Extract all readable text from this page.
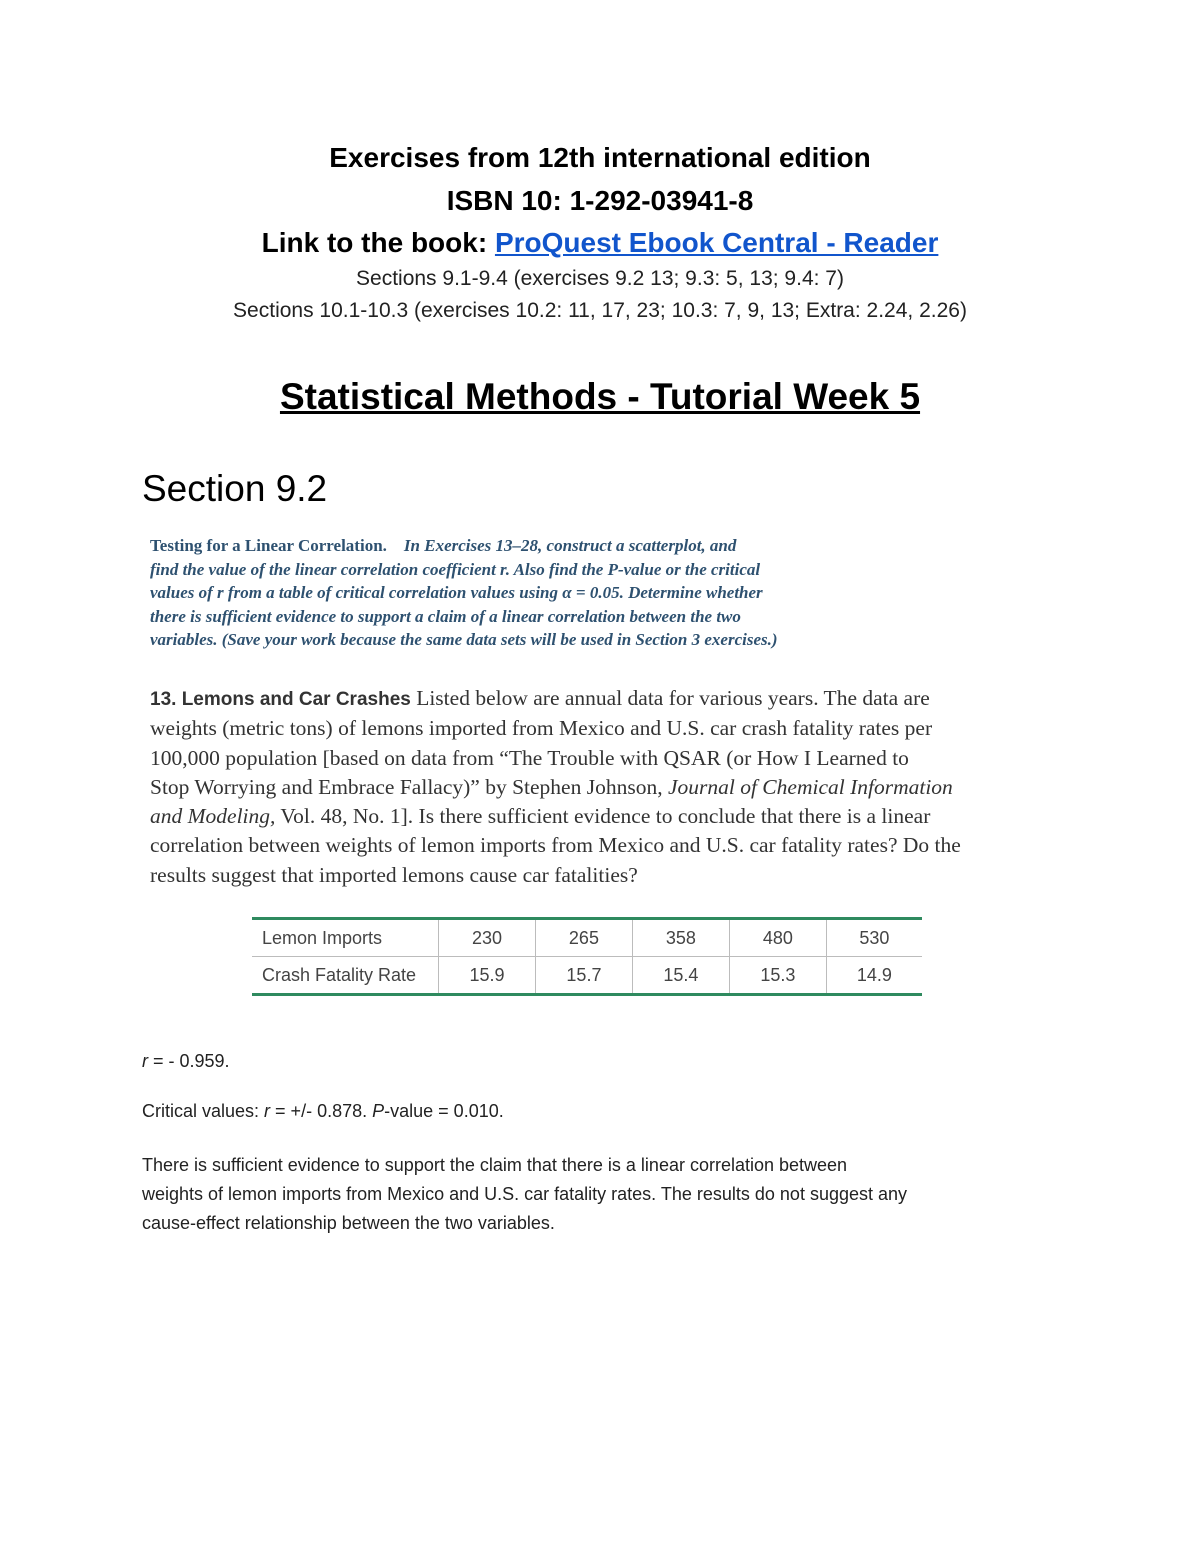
Exercises from 12th international edition
ISBN 10: 1-292-03941-8
Link to the book: ProQuest Ebook Central - Reader
Sections 9.1-9.4 (exercises 9.2 13; 9.3: 5, 13; 9.4: 7)
Sections 10.1-10.3 (exercises 10.2: 11, 17, 23; 10.3: 7, 9, 13; Extra: 2.24, 2.26)
Statistical Methods - Tutorial Week 5
Section 9.2
Testing for a Linear Correlation. In Exercises 13–28, construct a scatterplot, and
find the value of the linear correlation coefficient r. Also find the P-value or the critical
values of r from a table of critical correlation values using α = 0.05. Determine whether
there is sufficient evidence to support a claim of a linear correlation between the two
variables. (Save your work because the same data sets will be used in Section 3 exercises.)
13. Lemons and Car Crashes Listed below are annual data for various years. The data are
weights (metric tons) of lemons imported from Mexico and U.S. car crash fatality rates per
100,000 population [based on data from “The Trouble with QSAR (or How I Learned to
Stop Worrying and Embrace Fallacy)” by Stephen Johnson, Journal of Chemical Information
and Modeling, Vol. 48, No. 1]. Is there sufficient evidence to conclude that there is a linear
correlation between weights of lemon imports from Mexico and U.S. car fatality rates? Do the
results suggest that imported lemons cause car fatalities?
Lemon Imports	230	265	358	480	530
Crash Fatality Rate	15.9	15.7	15.4	15.3	14.9
r = - 0.959.
Critical values: r = +/- 0.878. P-value = 0.010.
There is sufficient evidence to support the claim that there is a linear correlation between
weights of lemon imports from Mexico and U.S. car fatality rates. The results do not suggest any
cause-effect relationship between the two variables.
